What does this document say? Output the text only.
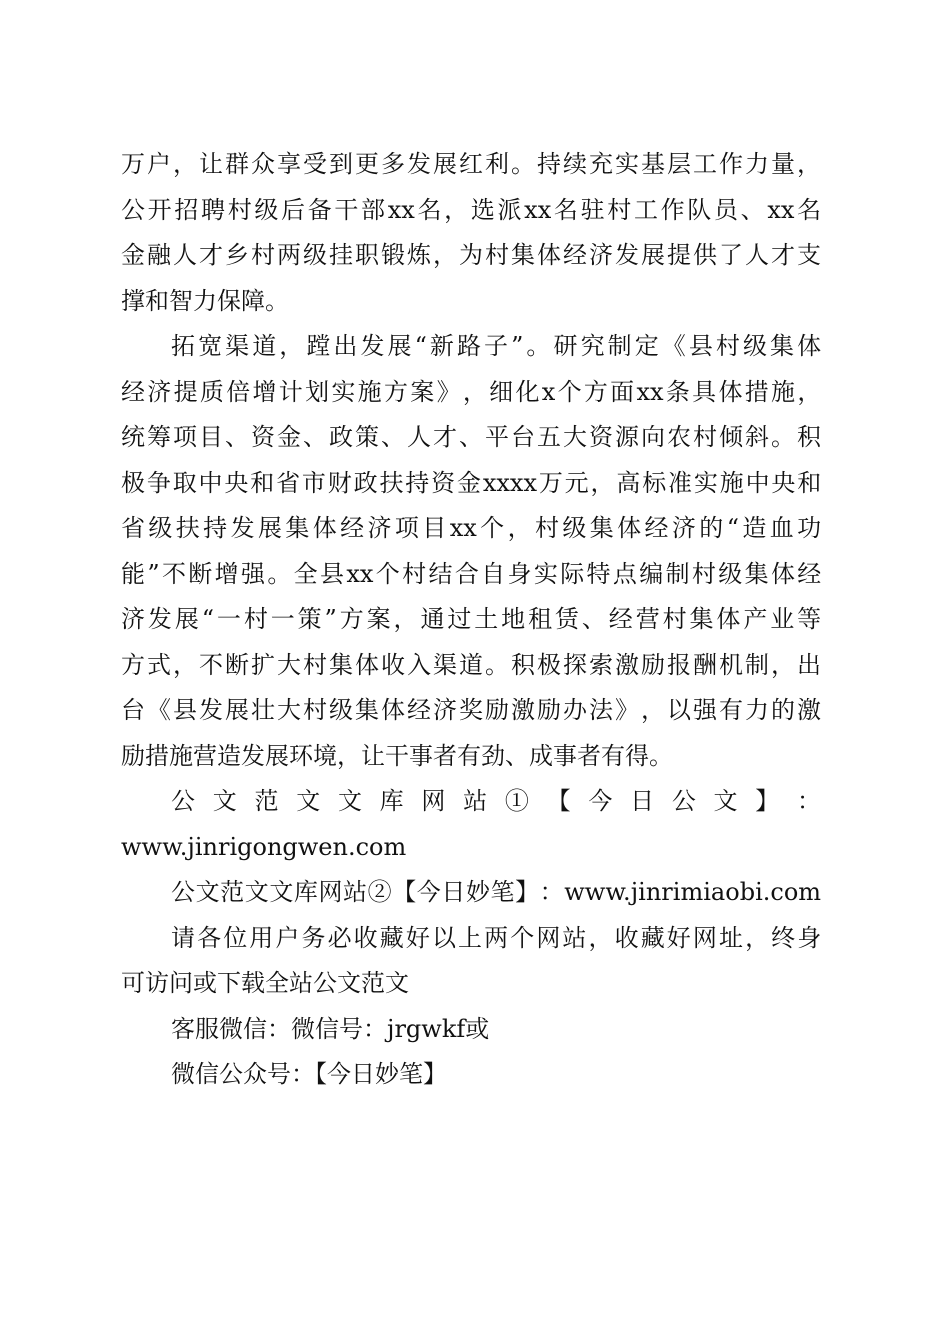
万户，让群众享受到更多发展红利。持续充实基层工作力量，
公开招聘村级后备干部xx名，选派xx名驻村工作队员、xx名
金融人才乡村两级挂职锻炼，为村集体经济发展提供了人才支
撑和智力保障。
拓宽渠道，蹚出发展“新路子”。研究制定《县村级集体
经济提质倍增计划实施方案》，细化x个方面xx条具体措施，
统筹项目、资金、政策、人才、平台五大资源向农村倾斜。积
极争取中央和省市财政扶持资金xxxx万元，高标准实施中央和
省级扶持发展集体经济项目xx个，村级集体经济的“造血功
能”不断增强。全县xx个村结合自身实际特点编制村级集体经
济发展“一村一策”方案，通过土地租赁、经营村集体产业等
方式，不断扩大村集体收入渠道。积极探索激励报酬机制，出
台《县发展壮大村级集体经济奖励激励办法》，以强有力的激
励措施营造发展环境，让干事者有劲、成事者有得。
公文范文文库网站①【今日公文】：
www.jinrigongwen.com
公文范文文库网站②【今日妙笔】：www.jinrimiaobi.com
请各位用户务必收藏好以上两个网站，收藏好网址，终身
可访问或下载全站公文范文
客服微信：微信号：jrgwkf或
微信公众号：【今日妙笔】
